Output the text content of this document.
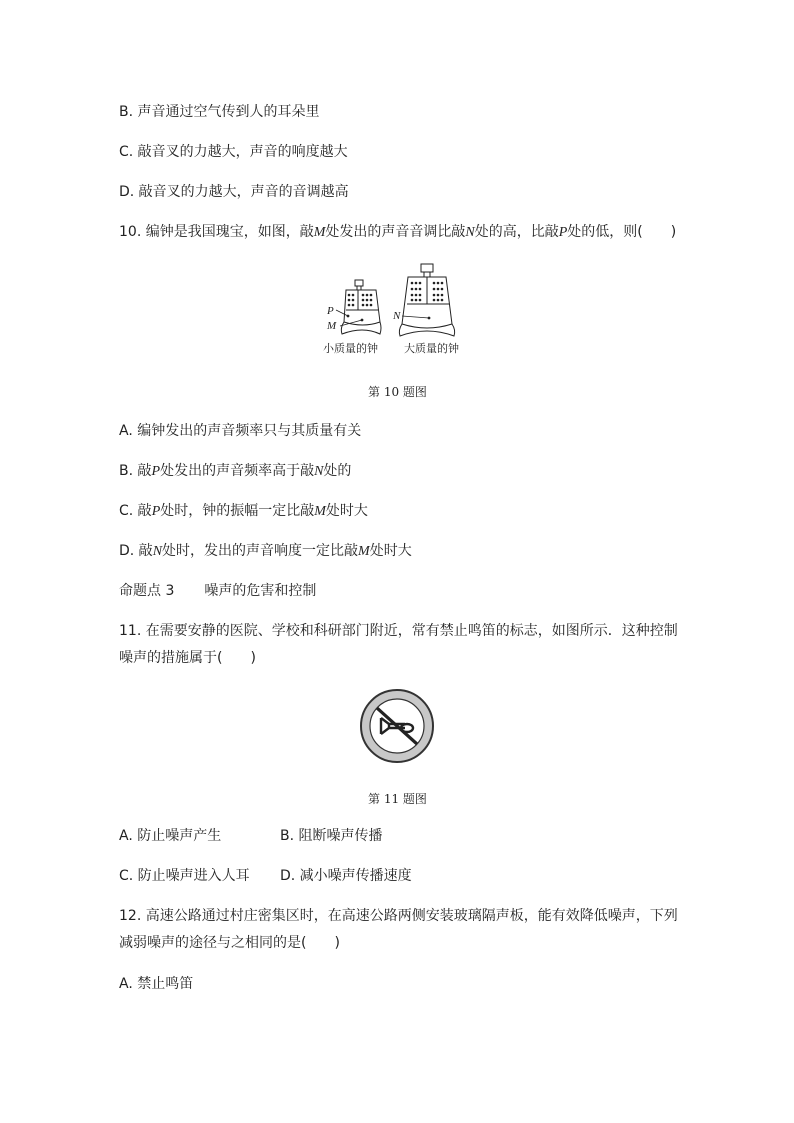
B. 声音通过空气传到人的耳朵里
C. 敲音叉的力越大，声音的响度越大
D. 敲音叉的力越大，声音的音调越高
10. 编钟是我国瑰宝，如图，敲M处发出的声音音调比敲N处的高，比敲P处的低，则(　　)
P
M
N
小质量的钟 大质量的钟
第 10 题图
A. 编钟发出的声音频率只与其质量有关
B. 敲P处发出的声音频率高于敲N处的
C. 敲P处时，钟的振幅一定比敲M处时大
D. 敲N处时，发出的声音响度一定比敲M处时大
命题点 3 噪声的危害和控制
11. 在需要安静的医院、学校和科研部门附近，常有禁止鸣笛的标志，如图所示．这种控制
噪声的措施属于(　　)
第 11 题图
A. 防止噪声产生	B. 阻断噪声传播
C. 防止噪声进入人耳 D. 减小噪声传播速度
12. 高速公路通过村庄密集区时，在高速公路两侧安装玻璃隔声板，能有效降低噪声，下列
减弱噪声的途径与之相同的是(　　)
A. 禁止鸣笛
